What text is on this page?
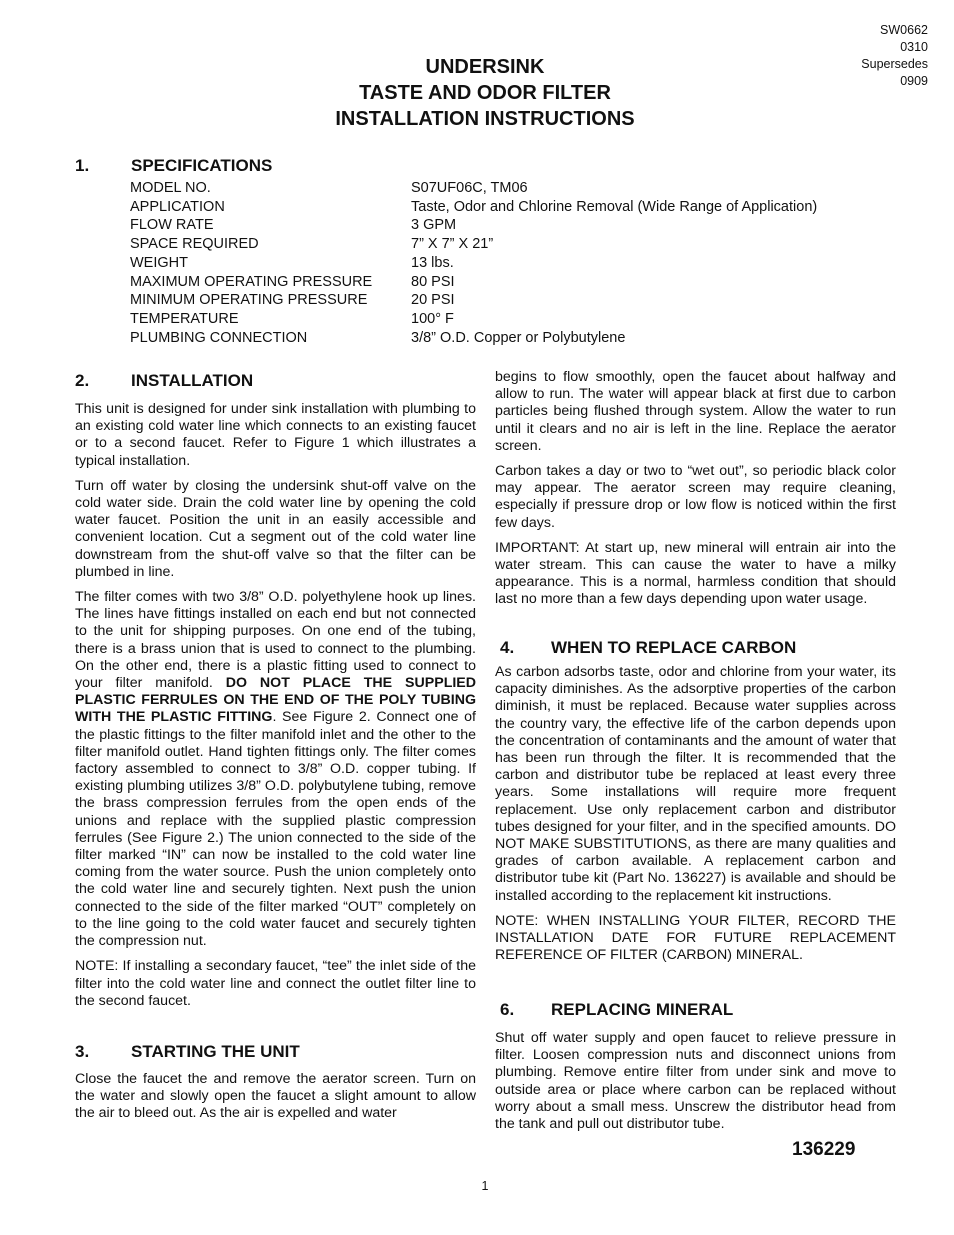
SW0662
0310
Supersedes
0909
UNDERSINK
TASTE AND ODOR FILTER
INSTALLATION INSTRUCTIONS
1. SPECIFICATIONS
MODEL NO.	S07UF06C, TM06
APPLICATION	Taste, Odor and Chlorine Removal (Wide Range of Application)
FLOW RATE	3 GPM
SPACE REQUIRED	7” X 7” X 21”
WEIGHT	13 lbs.
MAXIMUM OPERATING PRESSURE	80 PSI
MINIMUM OPERATING PRESSURE	20 PSI
TEMPERATURE	100° F
PLUMBING CONNECTION	3/8” O.D. Copper or Polybutylene
2. INSTALLATION

This unit is designed for under sink installation with plumbing to an existing cold water line which connects to an existing faucet or to a second faucet. Refer to Figure 1 which illustrates a typical installation.

Turn off water by closing the undersink shut-off valve on the cold water side. Drain the cold water line by opening the cold water faucet. Position the unit in an easily accessible and convenient location. Cut a segment out of the cold water line downstream from the shut-off valve so that the filter can be plumbed in line.

The filter comes with two 3/8” O.D. polyethylene hook up lines. The lines have fittings installed on each end but not connected to the unit for shipping purposes. On one end of the tubing, there is a brass union that is used to connect to the plumbing. On the other end, there is a plastic fitting used to connect to your filter manifold. DO NOT PLACE THE SUPPLIED PLASTIC FERRULES ON THE END OF THE POLY TUBING WITH THE PLASTIC FITTING. See Figure 2. Connect one of the plastic fittings to the filter manifold inlet and the other to the filter manifold outlet. Hand tighten fittings only. The filter comes factory assembled to connect to 3/8” O.D. copper tubing. If existing plumbing utilizes 3/8” O.D. polybutylene tubing, remove the brass compression ferrules from the open ends of the unions and replace with the supplied plastic compression ferrules (See Figure 2.) The union connected to the side of the filter marked “IN” can now be installed to the cold water line coming from the water source. Push the union completely onto the cold water line and securely tighten. Next push the union connected to the side of the filter marked “OUT” completely on to the line going to the cold water faucet and securely tighten the compression nut.

NOTE: If installing a secondary faucet, “tee” the inlet side of the filter into the cold water line and connect the outlet filter line to the second faucet.

3. STARTING THE UNIT

Close the faucet the and remove the aerator screen. Turn on the water and slowly open the faucet a slight amount to allow the air to bleed out. As the air is expelled and water

begins to flow smoothly, open the faucet about halfway and allow to run. The water will appear black at first due to carbon particles being flushed through system. Allow the water to run until it clears and no air is left in the line. Replace the aerator screen.

Carbon takes a day or two to “wet out”, so periodic black color may appear. The aerator screen may require cleaning, especially if pressure drop or low flow is noticed within the first few days.

IMPORTANT: At start up, new mineral will entrain air into the water stream. This can cause the water to have a milky appearance. This is a normal, harmless condition that should last no more than a few days depending upon water usage.

4. WHEN TO REPLACE CARBON

As carbon adsorbs taste, odor and chlorine from your water, its capacity diminishes. As the adsorptive properties of the carbon diminish, it must be replaced. Because water supplies across the country vary, the effective life of the carbon depends upon the concentration of contaminants and the amount of water that has been run through the filter. It is recommended that the carbon and distributor tube be replaced at least every three years. Some installations will require more frequent replacement. Use only replacement carbon and distributor tubes designed for your filter, and in the specified amounts. DO NOT MAKE SUBSTITUTIONS, as there are many qualities and grades of carbon available. A replacement carbon and distributor tube kit (Part No. 136227) is available and should be installed according to the replacement kit instructions.

NOTE: WHEN INSTALLING YOUR FILTER, RECORD THE INSTALLATION DATE FOR FUTURE REPLACEMENT REFERENCE OF FILTER (CARBON) MINERAL.

6. REPLACING MINERAL

Shut off water supply and open faucet to relieve pressure in filter. Loosen compression nuts and disconnect unions from plumbing. Remove entire filter from under sink and move to outside area or place where carbon can be replaced without worry about a small mess. Unscrew the distributor head from the tank and pull out distributor tube.

136229
1
